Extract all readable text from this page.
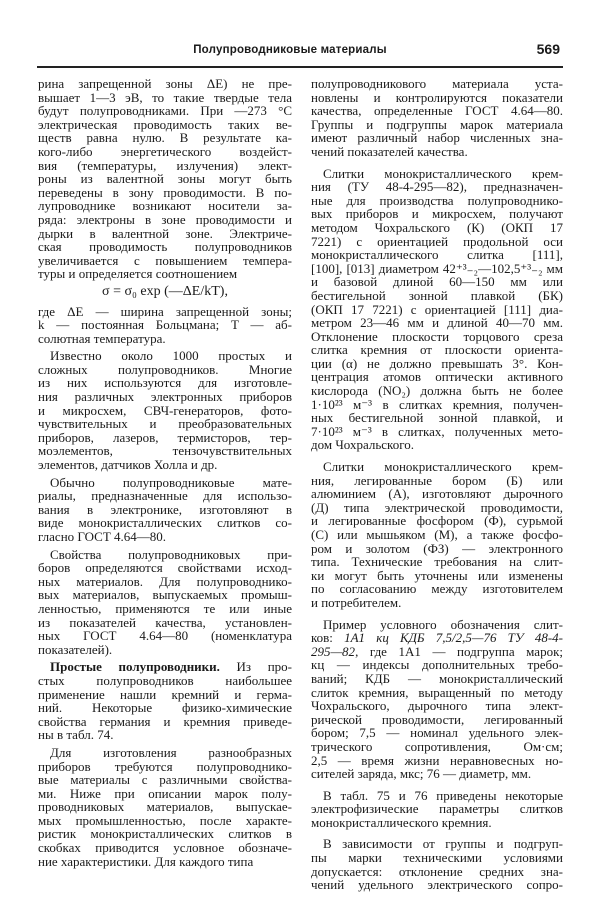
Полупроводниковые материалы	569
рина запрещенной зоны ΔE) не пре-
вышает 1—3 эВ, то такие твердые тела
будут полупроводниками. При —273 °C
электрическая проводимость таких ве-
ществ равна нулю. В результате ка-
кого-либо энергетического воздейст-
вия (температуры, излучения) элект-
роны из валентной зоны могут быть
переведены в зону проводимости. В по-
лупроводнике возникают носители за-
ряда: электроны в зоне проводимости и
дырки в валентной зоне. Электриче-
ская проводимость полупроводников
увеличивается с повышением темпера-
туры и определяется соотношением
σ = σ₀ exp (—ΔE/kT),
где ΔE — ширина запрещенной зоны;
k — постоянная Больцмана; T — аб-
солютная температура.
Известно около 1000 простых и
сложных полупроводников. Многие
из них используются для изготовле-
ния различных электронных приборов
и микросхем, СВЧ-генераторов, фото-
чувствительных и преобразовательных
приборов, лазеров, термисторов, тер-
моэлементов, тензочувствительных
элементов, датчиков Холла и др.
Обычно полупроводниковые мате-
риалы, предназначенные для использо-
вания в электронике, изготовляют в
виде монокристаллических слитков со-
гласно ГОСТ 4.64—80.
Свойства полупроводниковых при-
боров определяются свойствами исход-
ных материалов. Для полупроводнико-
вых материалов, выпускаемых промыш-
ленностью, применяются те или иные
из показателей качества, установлен-
ных ГОСТ 4.64—80 (номенклатура
показателей).
Простые полупроводники. Из про-
стых полупроводников наибольшее
применение нашли кремний и герма-
ний. Некоторые физико-химические
свойства германия и кремния приведе-
ны в табл. 74.
Для изготовления разнообразных
приборов требуются полупроводнико-
вые материалы с различными свойства-
ми. Ниже при описании марок полу-
проводниковых материалов, выпускае-
мых промышленностью, после характе-
ристик монокристаллических слитков в
скобках приводится условное обозначе-
ние характеристики. Для каждого типа
полупроводникового материала уста-
новлены и контролируются показатели
качества, определенные ГОСТ 4.64—80.
Группы и подгруппы марок материала
имеют различный набор численных зна-
чений показателей качества.
Слитки монокристаллического крем-
ния (ТУ 48-4-295—82), предназначен-
ные для производства полупроводнико-
вых приборов и микросхем, получают
методом Чохральского (К) (ОКП 17
7221) с ориентацией продольной оси
монокристаллического слитка [111],
[100], [013] диаметром 42⁺³₋₂—102,5⁺³₋₂ мм
и базовой длиной 60—150 мм или
бестигельной зонной плавкой (БК)
(ОКП 17 7221) с ориентацией [111] диа-
метром 23—46 мм и длиной 40—70 мм.
Отклонение плоскости торцового среза
слитка кремния от плоскости ориента-
ции (α) не должно превышать 3°. Кон-
центрация атомов оптически активного
кислорода (NO₂) должна быть не более
1·10²³ м⁻³ в слитках кремния, получен-
ных бестигельной зонной плавкой, и
7·10²³ м⁻³ в слитках, полученных мето-
дом Чохральского.
Слитки монокристаллического крем-
ния, легированные бором (Б) или
алюминием (А), изготовляют дырочного
(Д) типа электрической проводимости,
и легированные фосфором (Ф), сурьмой
(С) или мышьяком (М), а также фосфо-
ром и золотом (ФЗ) — электронного
типа. Технические требования на слит-
ки могут быть уточнены или изменены
по согласованию между изготовителем
и потребителем.
Пример условного обозначения слит-
ков: 1А1 кц КДБ 7,5/2,5—76 ТУ 48-4-
295—82, где 1А1 — подгруппа марок;
кц — индексы дополнительных требо-
ваний; КДБ — монокристаллический
слиток кремния, выращенный по методу
Чохральского, дырочного типа элект-
рической проводимости, легированный
бором; 7,5 — номинал удельного элек-
трического сопротивления, Ом·см;
2,5 — время жизни неравновесных но-
сителей заряда, мкс; 76 — диаметр, мм.
В табл. 75 и 76 приведены некоторые
электрофизические параметры слитков
монокристаллического кремния.
В зависимости от группы и подгруп-
пы марки техническими условиями
допускается: отклонение средних зна-
чений удельного электрического сопро-
